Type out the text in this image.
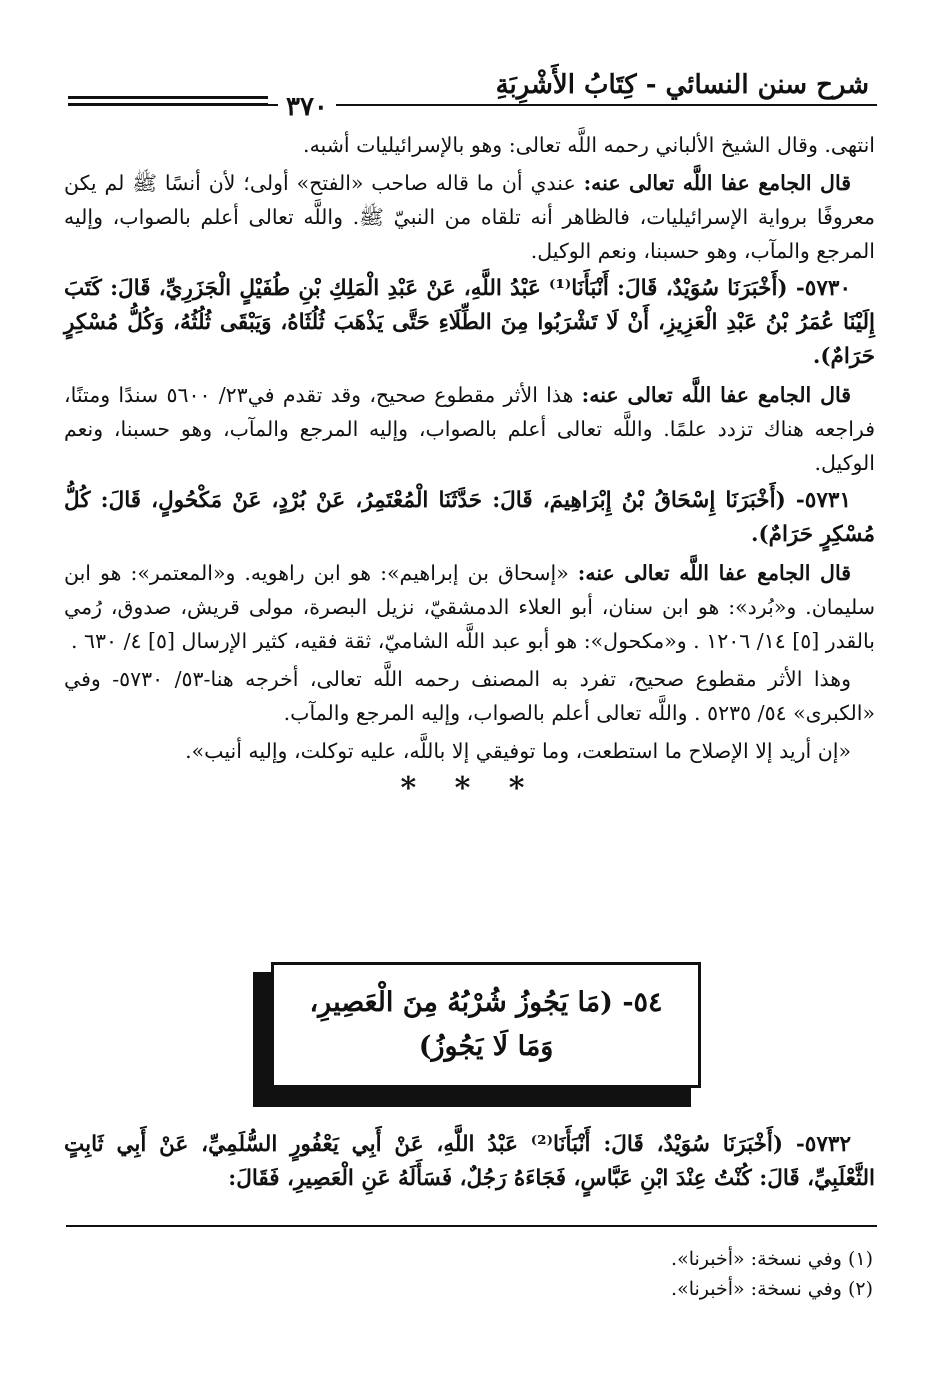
شرح سنن النسائي - كِتَابُ الأَشْرِبَةِ
٣٧٠

انتهى. وقال الشيخ الألباني رحمه اللَّه تعالى: وهو بالإسرائيليات أشبه.

قال الجامع عفا اللَّه تعالى عنه: عندي أن ما قاله صاحب «الفتح» أولى؛ لأن أنسًا ﷺ لم يكن معروفًا برواية الإسرائيليات، فالظاهر أنه تلقاه من النبيّ ﷺ. واللَّه تعالى أعلم بالصواب، وإليه المرجع والمآب، وهو حسبنا، ونعم الوكيل.

٥٧٣٠- (أَخْبَرَنَا سُوَيْدٌ، قَالَ: أَنْبَأَنَا⁽¹⁾ عَبْدُ اللَّهِ، عَنْ عَبْدِ الْمَلِكِ بْنِ طُفَيْلٍ الْجَزَرِيِّ، قَالَ: كَتَبَ إِلَيْنَا عُمَرُ بْنُ عَبْدِ الْعَزِيزِ، أَنْ لَا تَشْرَبُوا مِنَ الطِّلَاءِ حَتَّى يَذْهَبَ ثُلُثَاهُ، وَيَبْقَى ثُلُثُهُ، وَكُلُّ مُسْكِرٍ حَرَامٌ).

قال الجامع عفا اللَّه تعالى عنه: هذا الأثر مقطوع صحيح، وقد تقدم في٢٣/ ٥٦٠٠ سندًا ومتنًا، فراجعه هناك تزدد علمًا. واللَّه تعالى أعلم بالصواب، وإليه المرجع والمآب، وهو حسبنا، ونعم الوكيل.

٥٧٣١- (أَخْبَرَنَا إِسْحَاقُ بْنُ إِبْرَاهِيمَ، قَالَ: حَدَّثَنَا الْمُعْتَمِرُ، عَنْ بُرْدٍ، عَنْ مَكْحُولٍ، قَالَ: كُلُّ مُسْكِرٍ حَرَامٌ).

قال الجامع عفا اللَّه تعالى عنه: «إسحاق بن إبراهيم»: هو ابن راهويه. و«المعتمر»: هو ابن سليمان. و«بُرد»: هو ابن سنان، أبو العلاء الدمشقيّ، نزيل البصرة، مولى قريش، صدوق، رُمي بالقدر [٥] ١٤/ ١٢٠٦ . و«مكحول»: هو أبو عبد اللَّه الشاميّ، ثقة فقيه، كثير الإرسال [٥] ٤/ ٦٣٠ .

وهذا الأثر مقطوع صحيح، تفرد به المصنف رحمه اللَّه تعالى، أخرجه هنا-٥٣/ ٥٧٣٠- وفي «الكبرى» ٥٤/ ٥٢٣٥ . واللَّه تعالى أعلم بالصواب، وإليه المرجع والمآب.

«إن أريد إلا الإصلاح ما استطعت، وما توفيقي إلا باللَّه، عليه توكلت، وإليه أنيب».

* * *
٥٤- (مَا يَجُوزُ شُرْبُهُ مِنَ الْعَصِيرِ،
وَمَا لَا يَجُوزُ)

٥٧٣٢- (أَخْبَرَنَا سُوَيْدٌ، قَالَ: أَنْبَأَنَا⁽²⁾ عَبْدُ اللَّهِ، عَنْ أَبِي يَعْفُورٍ السُّلَمِيِّ، عَنْ أَبِي ثَابِتٍ الثَّعْلَبِيِّ، قَالَ: كُنْتُ عِنْدَ ابْنِ عَبَّاسٍ، فَجَاءَهُ رَجُلٌ، فَسَأَلَهُ عَنِ الْعَصِيرِ، فَقَالَ:

(١) وفي نسخة: «أخبرنا».
(٢) وفي نسخة: «أخبرنا».
